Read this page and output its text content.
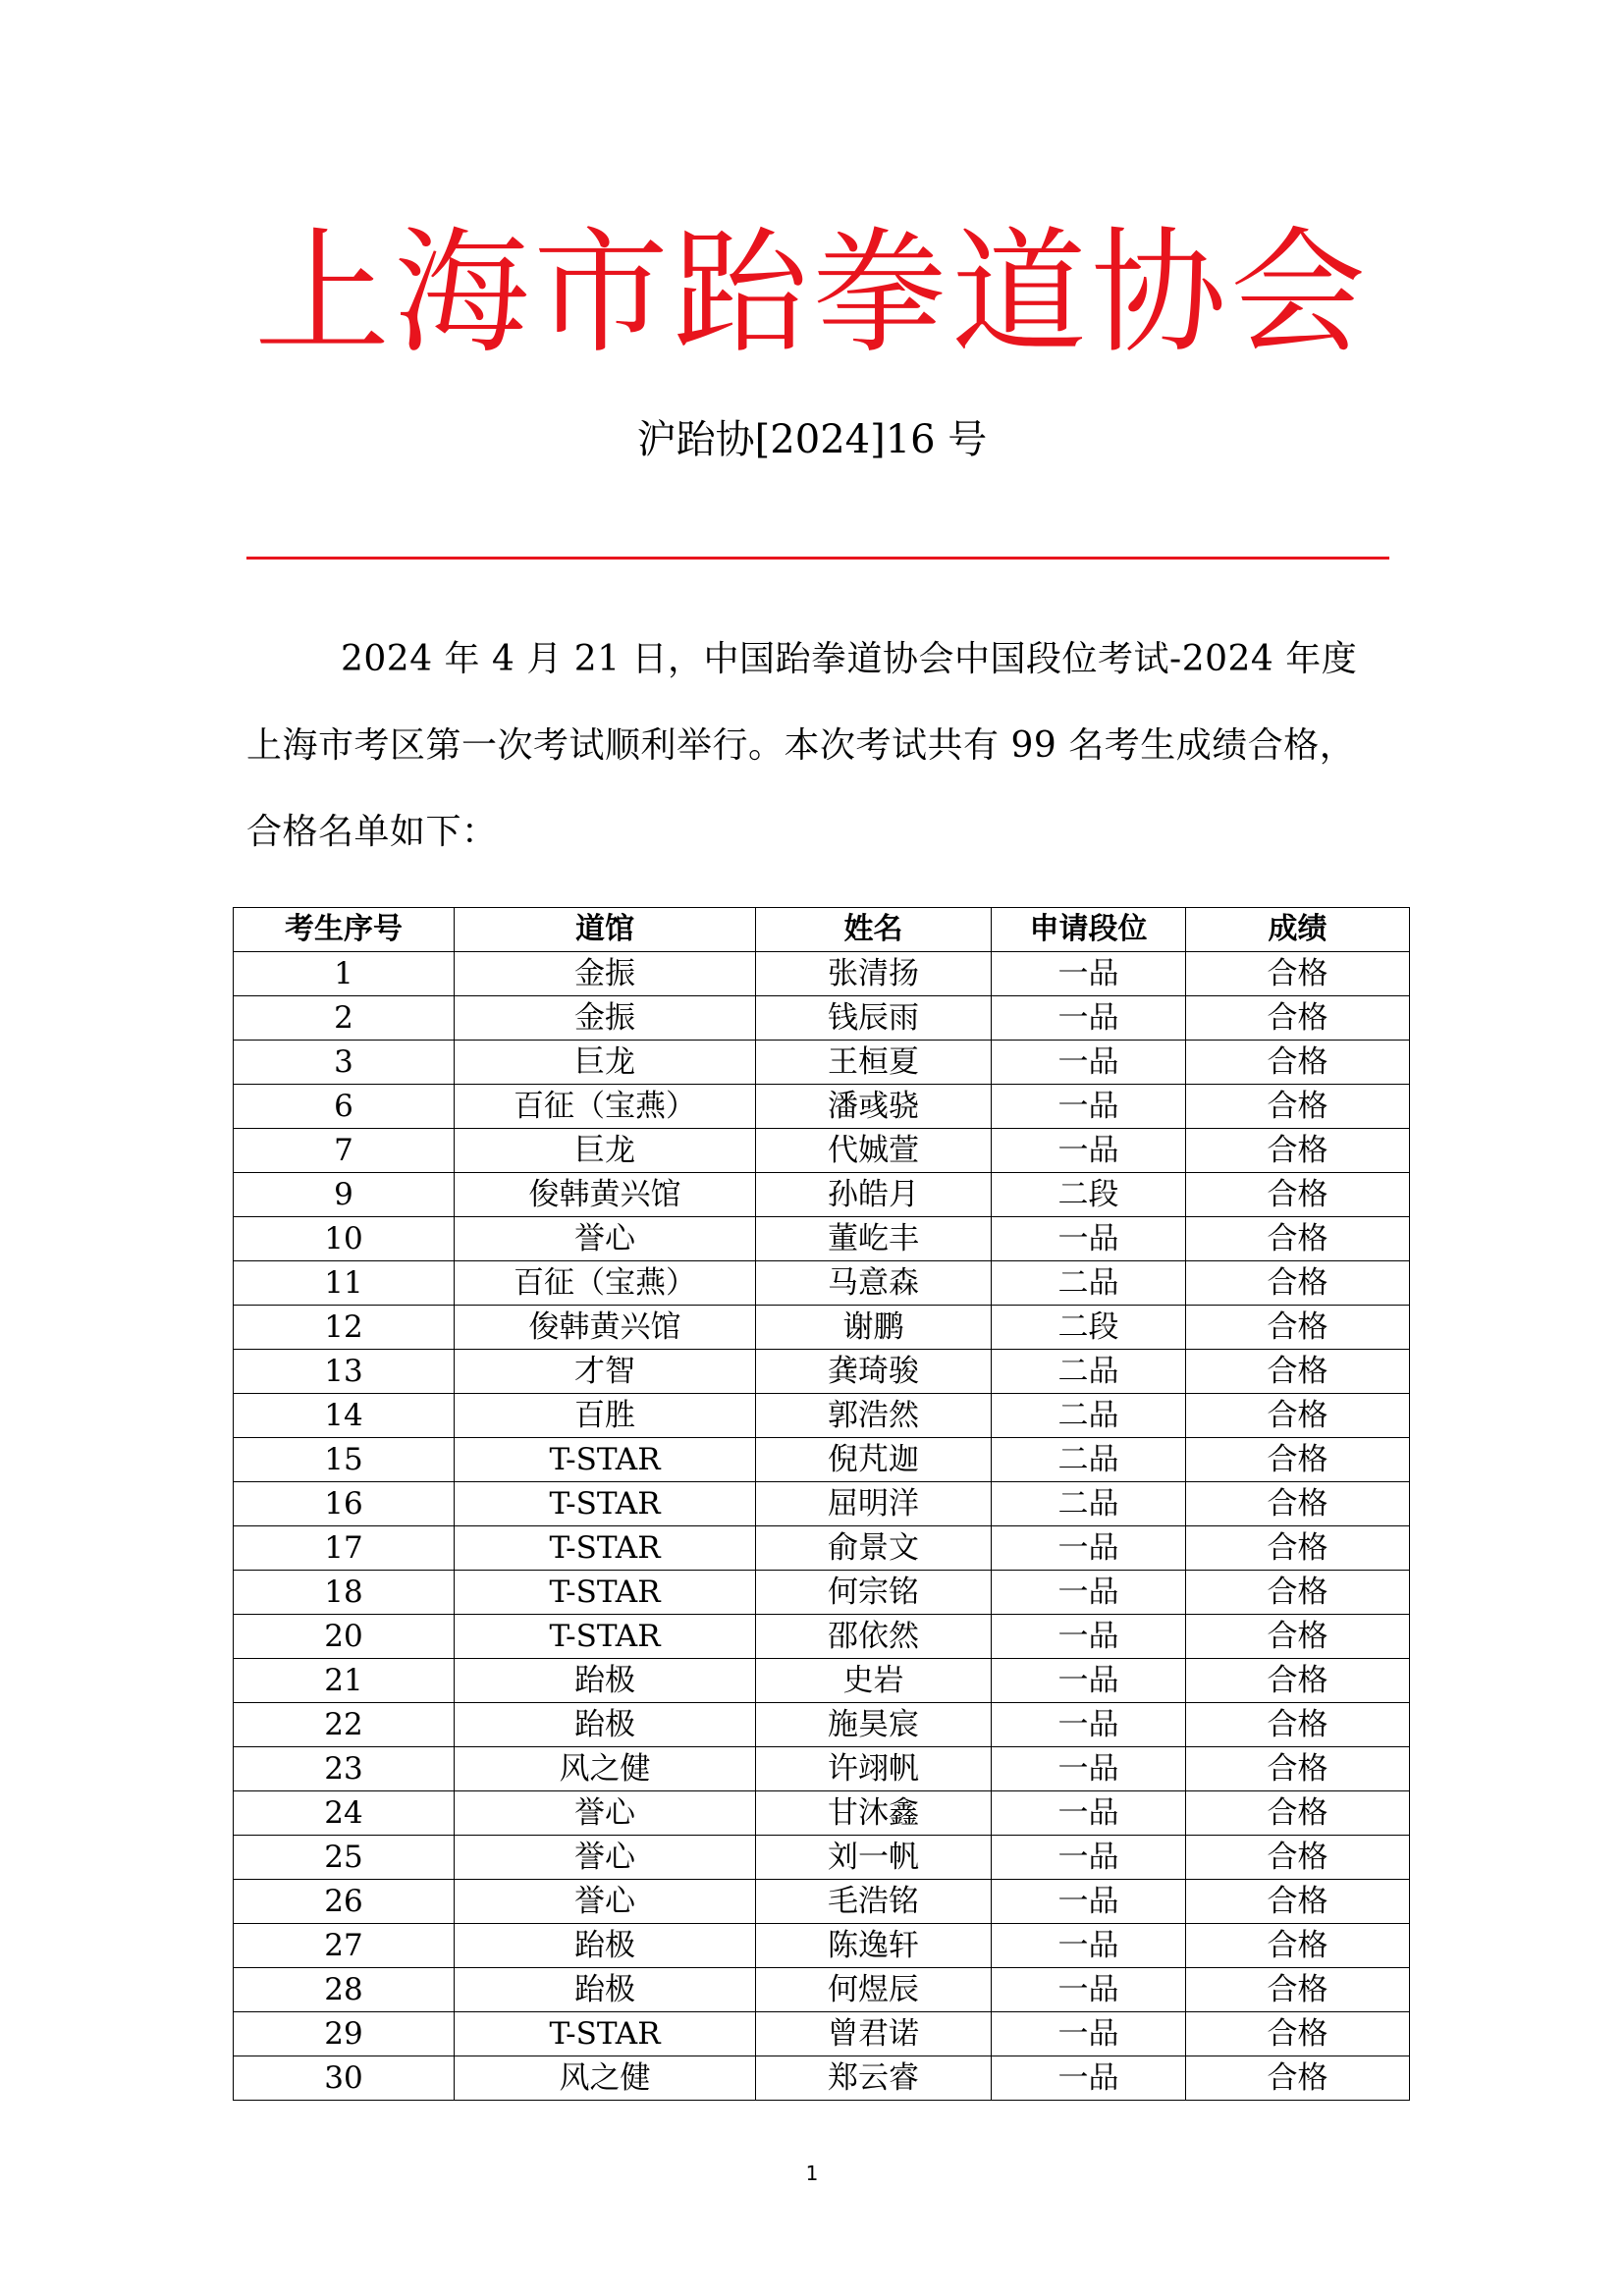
上海市跆拳道协会
沪跆协[2024]16 号
2024 年 4 月 21 日，中国跆拳道协会中国段位考试-2024 年度上海市考区第一次考试顺利举行。本次考试共有 99 名考生成绩合格，合格名单如下：
考生序号	道馆	姓名	申请段位	成绩
1	金振	张清扬	一品	合格
2	金振	钱辰雨	一品	合格
3	巨龙	王桓夏	一品	合格
6	百征（宝燕）	潘彧骁	一品	合格
7	巨龙	代娍萱	一品	合格
9	俊韩黄兴馆	孙皓月	二段	合格
10	誉心	董屹丰	一品	合格
11	百征（宝燕）	马意森	二品	合格
12	俊韩黄兴馆	谢鹏	二段	合格
13	才智	龚琦骏	二品	合格
14	百胜	郭浩然	二品	合格
15	T-STAR	倪芃迦	二品	合格
16	T-STAR	屈明洋	二品	合格
17	T-STAR	俞景文	一品	合格
18	T-STAR	何宗铭	一品	合格
20	T-STAR	邵依然	一品	合格
21	跆极	史岩	一品	合格
22	跆极	施昊宸	一品	合格
23	风之健	许翊帆	一品	合格
24	誉心	甘沐鑫	一品	合格
25	誉心	刘一帆	一品	合格
26	誉心	毛浩铭	一品	合格
27	跆极	陈逸轩	一品	合格
28	跆极	何煜辰	一品	合格
29	T-STAR	曾君诺	一品	合格
30	风之健	郑云睿	一品	合格
1
